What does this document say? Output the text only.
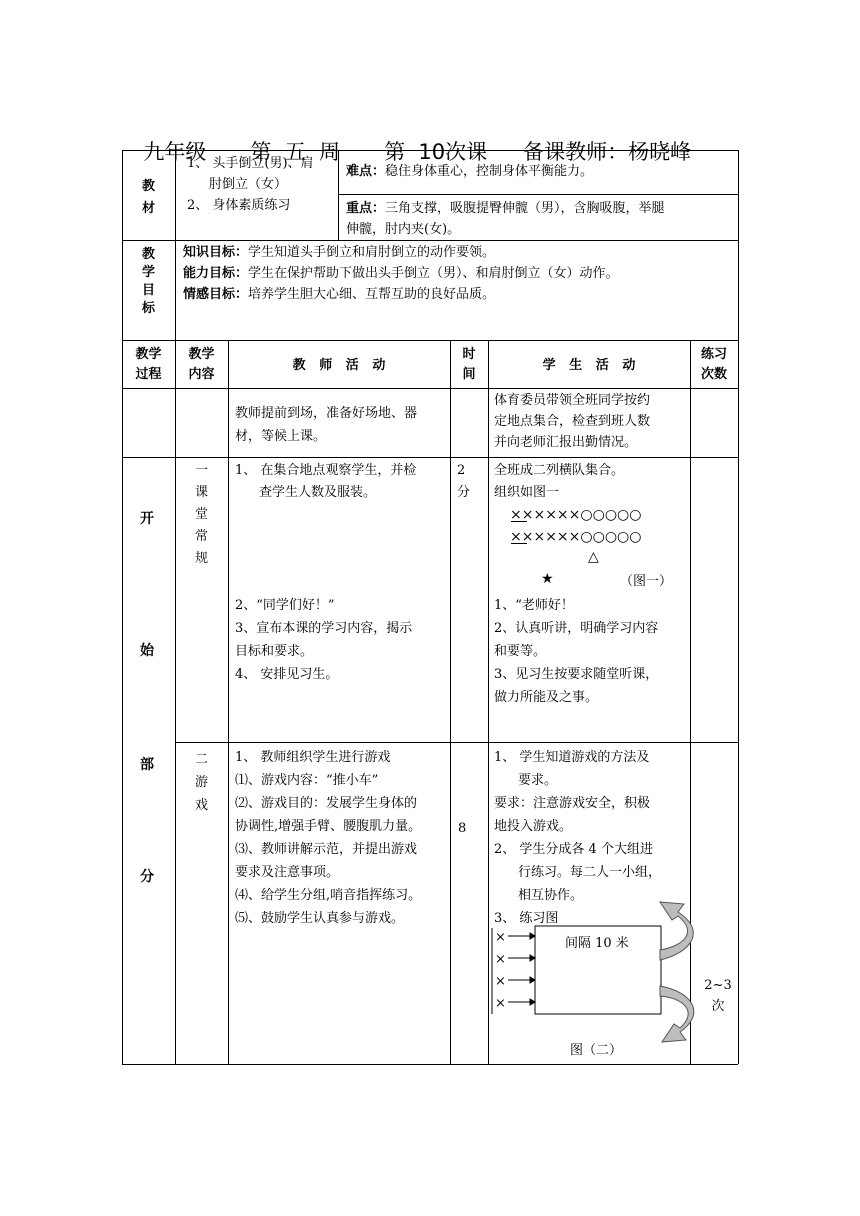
九年级 第  五  周 第  10次课 备课教师：杨晓峰

教材
1、 头手倒立(男)、肩
肘倒立（女）
2、 身体素质练习
难点：稳住身体重心，控制身体平衡能力。
重点：三角支撑，吸腹提臀伸髋（男），含胸吸腹，举腿
伸髋，肘内夹(女)。
教学目标
知识目标：学生知道头手倒立和肩肘倒立的动作要领。
能力目标：学生在保护帮助下做出头手倒立（男）、和肩肘倒立（女）动作。
情感目标：培养学生胆大心细、互帮互助的良好品质。
教学
过程
教学
内容
教   师   活   动
时
间
学   生   活   动
练习
次数
教师提前到场，准备好场地、器
材，等候上课。
体育委员带领全班同学按约
定地点集合，检查到班人数
并向老师汇报出勤情况。
开
始
部
分
一
课
堂
常
规
1、 在集合地点观察学生，并检
查学生人数及服装。
2、“同学们好！”
3、宣布本课的学习内容，揭示
目标和要求。
4、 安排见习生。
2
分
全班成二列横队集合。
组织如图一
××××××○○○○○
××××××○○○○○
△
★	（图一）
1、“老师好！
2、认真听讲，明确学习内容
和要等。
3、见习生按要求随堂听课，
做力所能及之事。
二
游
戏
1、 教师组织学生进行游戏
⑴、游戏内容：“推小车”
⑵、游戏目的：发展学生身体的
协调性,增强手臂、腰腹肌力量。
⑶、教师讲解示范，并提出游戏
要求及注意事项。
⑷、给学生分组,哨音指挥练习。
⑸、鼓励学生认真参与游戏。
8
1、 学生知道游戏的方法及
要求。
要求：注意游戏安全，积极
地投入游戏。
2、 学生分成各 4 个大组进
行练习。每二人一小组，
相互协作。
3、 练习图
×
×
×
×
间隔 10 米
图（二）
2~3
次
